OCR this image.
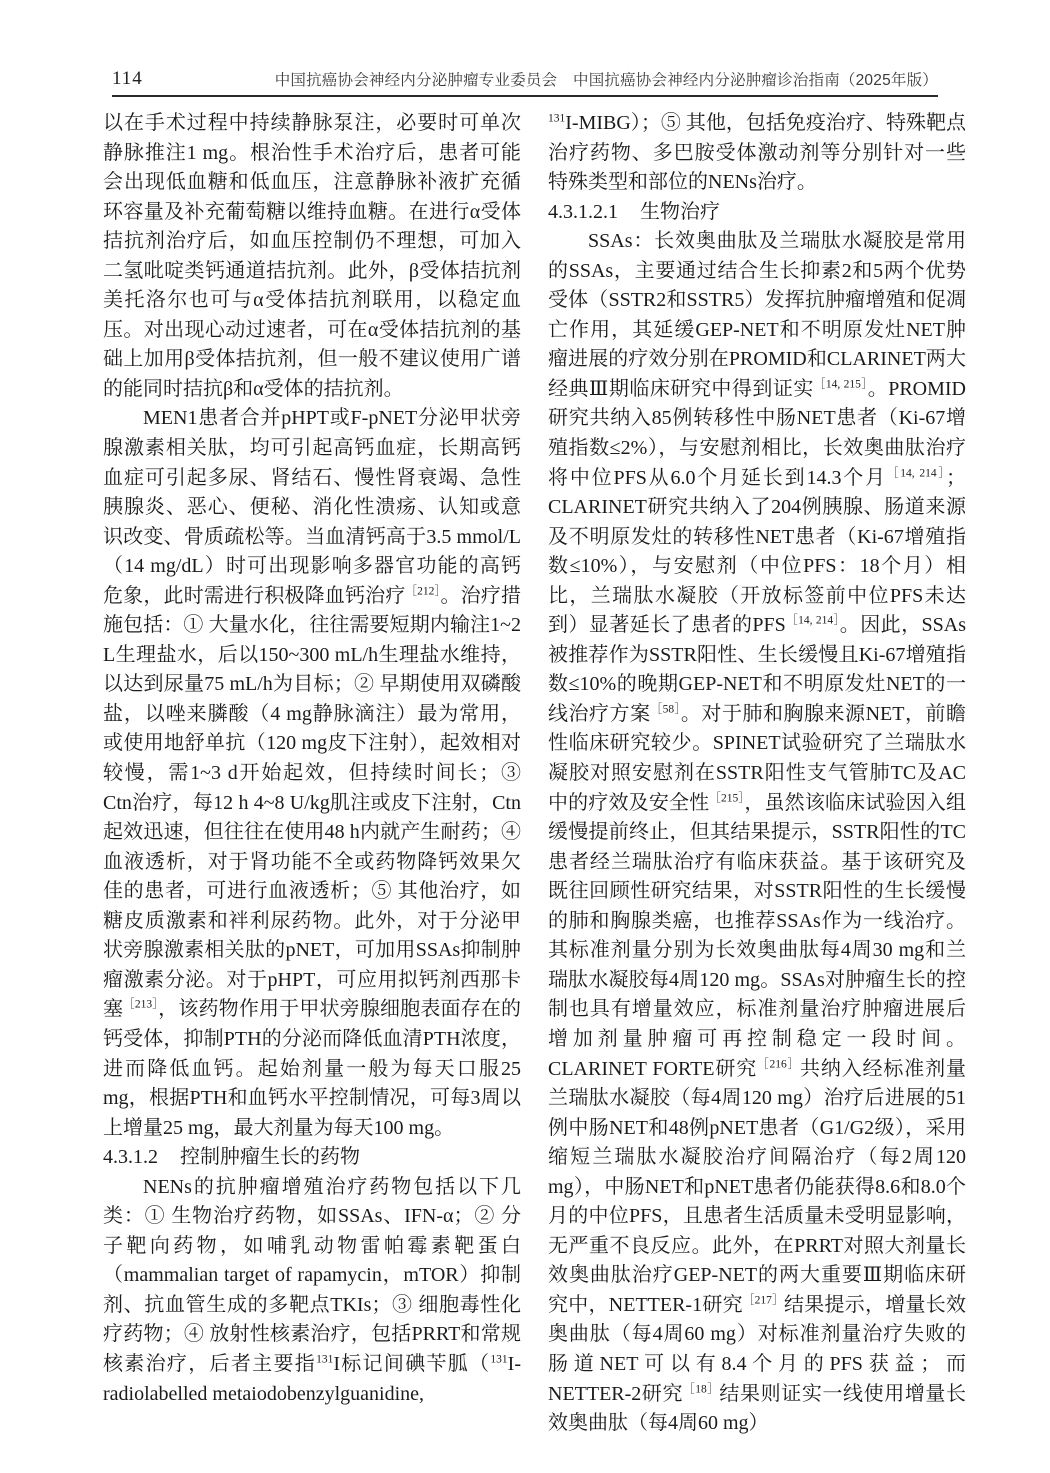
114	中国抗癌协会神经内分泌肿瘤专业委员会　中国抗癌协会神经内分泌肿瘤诊治指南（2025年版）
以在手术过程中持续静脉泵注，必要时可单次静脉推注1 mg。根治性手术治疗后，患者可能会出现低血糖和低血压，注意静脉补液扩充循环容量及补充葡萄糖以维持血糖。在进行α受体拮抗剂治疗后，如血压控制仍不理想，可加入二氢吡啶类钙通道拮抗剂。此外，β受体拮抗剂美托洛尔也可与α受体拮抗剂联用，以稳定血压。对出现心动过速者，可在α受体拮抗剂的基础上加用β受体拮抗剂，但一般不建议使用广谱的能同时拮抗β和α受体的拮抗剂。
MEN1患者合并pHPT或F-pNET分泌甲状旁腺激素相关肽，均可引起高钙血症，长期高钙血症可引起多尿、肾结石、慢性肾衰竭、急性胰腺炎、恶心、便秘、消化性溃疡、认知或意识改变、骨质疏松等。当血清钙高于3.5 mmol/L（14 mg/dL）时可出现影响多器官功能的高钙危象，此时需进行积极降血钙治疗$^{[212]}$。治疗措施包括：① 大量水化，往往需要短期内输注1~2 L生理盐水，后以150~300 mL/h生理盐水维持，以达到尿量75 mL/h为目标；② 早期使用双磷酸盐，以唑来膦酸（4 mg静脉滴注）最为常用，或使用地舒单抗（120 mg皮下注射），起效相对较慢，需1~3 d开始起效，但持续时间长；③ Ctn治疗，每12 h 4~8 U/kg肌注或皮下注射，Ctn起效迅速，但往往在使用48 h内就产生耐药；④ 血液透析，对于肾功能不全或药物降钙效果欠佳的患者，可进行血液透析；⑤ 其他治疗，如糖皮质激素和袢利尿药物。此外，对于分泌甲状旁腺激素相关肽的pNET，可加用SSAs抑制肿瘤激素分泌。对于pHPT，可应用拟钙剂西那卡塞$^{[213]}$，该药物作用于甲状旁腺细胞表面存在的钙受体，抑制PTH的分泌而降低血清PTH浓度，进而降低血钙。起始剂量一般为每天口服25 mg，根据PTH和血钙水平控制情况，可每3周以上增量25 mg，最大剂量为每天100 mg。
4.3.1.2 控制肿瘤生长的药物
NENs的抗肿瘤增殖治疗药物包括以下几类：① 生物治疗药物，如SSAs、IFN-α；② 分子靶向药物，如哺乳动物雷帕霉素靶蛋白（mammalian target of rapamycin，mTOR）抑制剂、抗血管生成的多靶点TKIs；③ 细胞毒性化疗药物；④ 放射性核素治疗，包括PRRT和常规核素治疗，后者主要指$^{131}$I标记间碘苄胍（$^{131}$I-radiolabelled metaiodobenzylguanidine,
$^{131}$I-MIBG）；⑤ 其他，包括免疫治疗、特殊靶点治疗药物、多巴胺受体激动剂等分别针对一些特殊类型和部位的NENs治疗。
4.3.1.2.1 生物治疗
SSAs：长效奥曲肽及兰瑞肽水凝胶是常用的SSAs，主要通过结合生长抑素2和5两个优势受体（SSTR2和SSTR5）发挥抗肿瘤增殖和促凋亡作用，其延缓GEP-NET和不明原发灶NET肿瘤进展的疗效分别在PROMID和CLARINET两大经典Ⅲ期临床研究中得到证实$^{[14, 215]}$。PROMID研究共纳入85例转移性中肠NET患者（Ki-67增殖指数≤2%），与安慰剂相比，长效奥曲肽治疗将中位PFS从6.0个月延长到14.3个月$^{[14, 214]}$；CLARINET研究共纳入了204例胰腺、肠道来源及不明原发灶的转移性NET患者（Ki-67增殖指数≤10%），与安慰剂（中位PFS：18个月）相比，兰瑞肽水凝胶（开放标签前中位PFS未达到）显著延长了患者的$PFS^{[14, 214]}$。因此，SSAs被推荐作为SSTR阳性、生长缓慢且Ki-67增殖指数≤10%的晚期GEP-NET和不明原发灶NET的一线治疗方案$^{[58]}$。对于肺和胸腺来源NET，前瞻性临床研究较少。SPINET试验研究了兰瑞肽水凝胶对照安慰剂在SSTR阳性支气管肺TC及AC中的疗效及安全性$^{[215]}$，虽然该临床试验因入组缓慢提前终止，但其结果提示，SSTR阳性的TC患者经兰瑞肽治疗有临床获益。基于该研究及既往回顾性研究结果，对SSTR阳性的生长缓慢的肺和胸腺类癌，也推荐SSAs作为一线治疗。其标准剂量分别为长效奥曲肽每4周30 mg和兰瑞肽水凝胶每4周120 mg。SSAs对肿瘤生长的控制也具有增量效应，标准剂量治疗肿瘤进展后增加剂量肿瘤可再控制稳定一段时间。CLARINET FORTE研究$^{[216]}$共纳入经标准剂量兰瑞肽水凝胶（每4周120 mg）治疗后进展的51例中肠NET和48例pNET患者（G1/G2级），采用缩短兰瑞肽水凝胶治疗间隔治疗（每2周120 mg），中肠NET和pNET患者仍能获得8.6和8.0个月的中位PFS，且患者生活质量未受明显影响，无严重不良反应。此外，在PRRT对照大剂量长效奥曲肽治疗GEP-NET的两大重要Ⅲ期临床研究中，NETTER-1研究$^{[217]}$结果提示，增量长效奥曲肽（每4周60 mg）对标准剂量治疗失败的肠道NET可以有8.4个月的PFS获益；而NETTER-2研究$^{[18]}$结果则证实一线使用增量长效奥曲肽（每4周60 mg）
